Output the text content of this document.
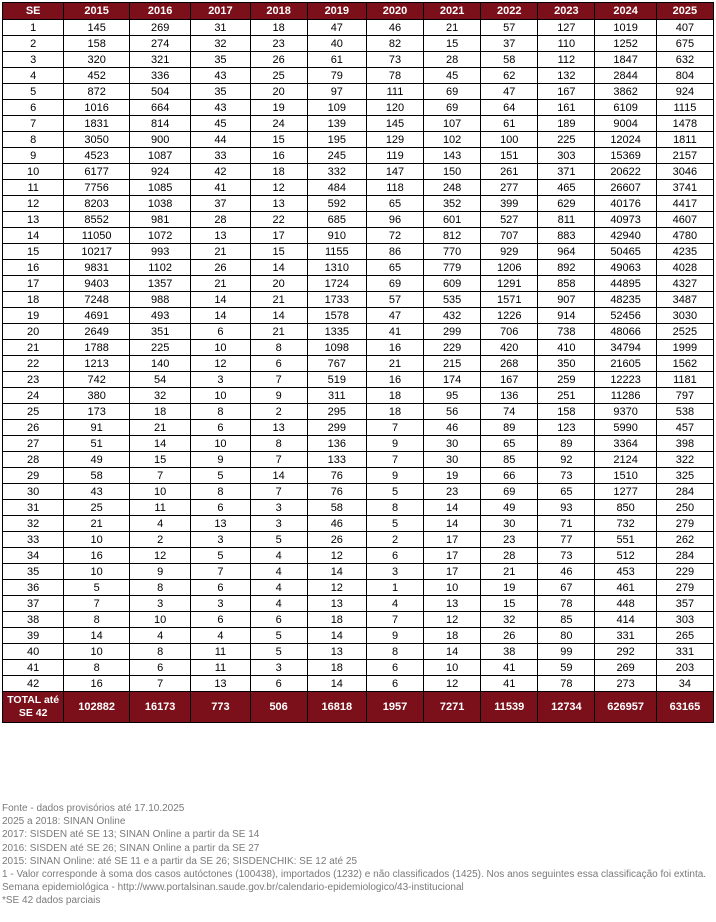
SE	2015	2016	2017	2018	2019	2020	2021	2022	2023	2024	2025
1	145	269	31	18	47	46	21	57	127	1019	407
2	158	274	32	23	40	82	15	37	110	1252	675
3	320	321	35	26	61	73	28	58	112	1847	632
4	452	336	43	25	79	78	45	62	132	2844	804
5	872	504	35	20	97	111	69	47	167	3862	924
6	1016	664	43	19	109	120	69	64	161	6109	1115
7	1831	814	45	24	139	145	107	61	189	9004	1478
8	3050	900	44	15	195	129	102	100	225	12024	1811
9	4523	1087	33	16	245	119	143	151	303	15369	2157
10	6177	924	42	18	332	147	150	261	371	20622	3046
11	7756	1085	41	12	484	118	248	277	465	26607	3741
12	8203	1038	37	13	592	65	352	399	629	40176	4417
13	8552	981	28	22	685	96	601	527	811	40973	4607
14	11050	1072	13	17	910	72	812	707	883	42940	4780
15	10217	993	21	15	1155	86	770	929	964	50465	4235
16	9831	1102	26	14	1310	65	779	1206	892	49063	4028
17	9403	1357	21	20	1724	69	609	1291	858	44895	4327
18	7248	988	14	21	1733	57	535	1571	907	48235	3487
19	4691	493	14	14	1578	47	432	1226	914	52456	3030
20	2649	351	6	21	1335	41	299	706	738	48066	2525
21	1788	225	10	8	1098	16	229	420	410	34794	1999
22	1213	140	12	6	767	21	215	268	350	21605	1562
23	742	54	3	7	519	16	174	167	259	12223	1181
24	380	32	10	9	311	18	95	136	251	11286	797
25	173	18	8	2	295	18	56	74	158	9370	538
26	91	21	6	13	299	7	46	89	123	5990	457
27	51	14	10	8	136	9	30	65	89	3364	398
28	49	15	9	7	133	7	30	85	92	2124	322
29	58	7	5	14	76	9	19	66	73	1510	325
30	43	10	8	7	76	5	23	69	65	1277	284
31	25	11	6	3	58	8	14	49	93	850	250
32	21	4	13	3	46	5	14	30	71	732	279
33	10	2	3	5	26	2	17	23	77	551	262
34	16	12	5	4	12	6	17	28	73	512	284
35	10	9	7	4	14	3	17	21	46	453	229
36	5	8	6	4	12	1	10	19	67	461	279
37	7	3	3	4	13	4	13	15	78	448	357
38	8	10	6	6	18	7	12	32	85	414	303
39	14	4	4	5	14	9	18	26	80	331	265
40	10	8	11	5	13	8	14	38	99	292	331
41	8	6	11	3	18	6	10	41	59	269	203
42	16	7	13	6	14	6	12	41	78	273	34
TOTAL até
SE 42	102882	16173	773	506	16818	1957	7271	11539	12734	626957	63165
Fonte - dados provisórios até 17.10.2025
2025 a 2018: SINAN Online
2017: SISDEN até SE 13; SINAN Online a partir da SE 14
2016: SISDEN até SE 26; SINAN Online a partir da SE 27
2015: SINAN Online: até SE 11 e a partir da SE 26; SISDENCHIK: SE 12 até 25
1 - Valor corresponde à soma dos casos autóctones (100438), importados (1232) e não classificados (1425). Nos anos seguintes essa classificação foi extinta. Semana epidemiológica - http://www.portalsinan.saude.gov.br/calendario-epidemiologico/43-institucional
*SE 42 dados parciais
